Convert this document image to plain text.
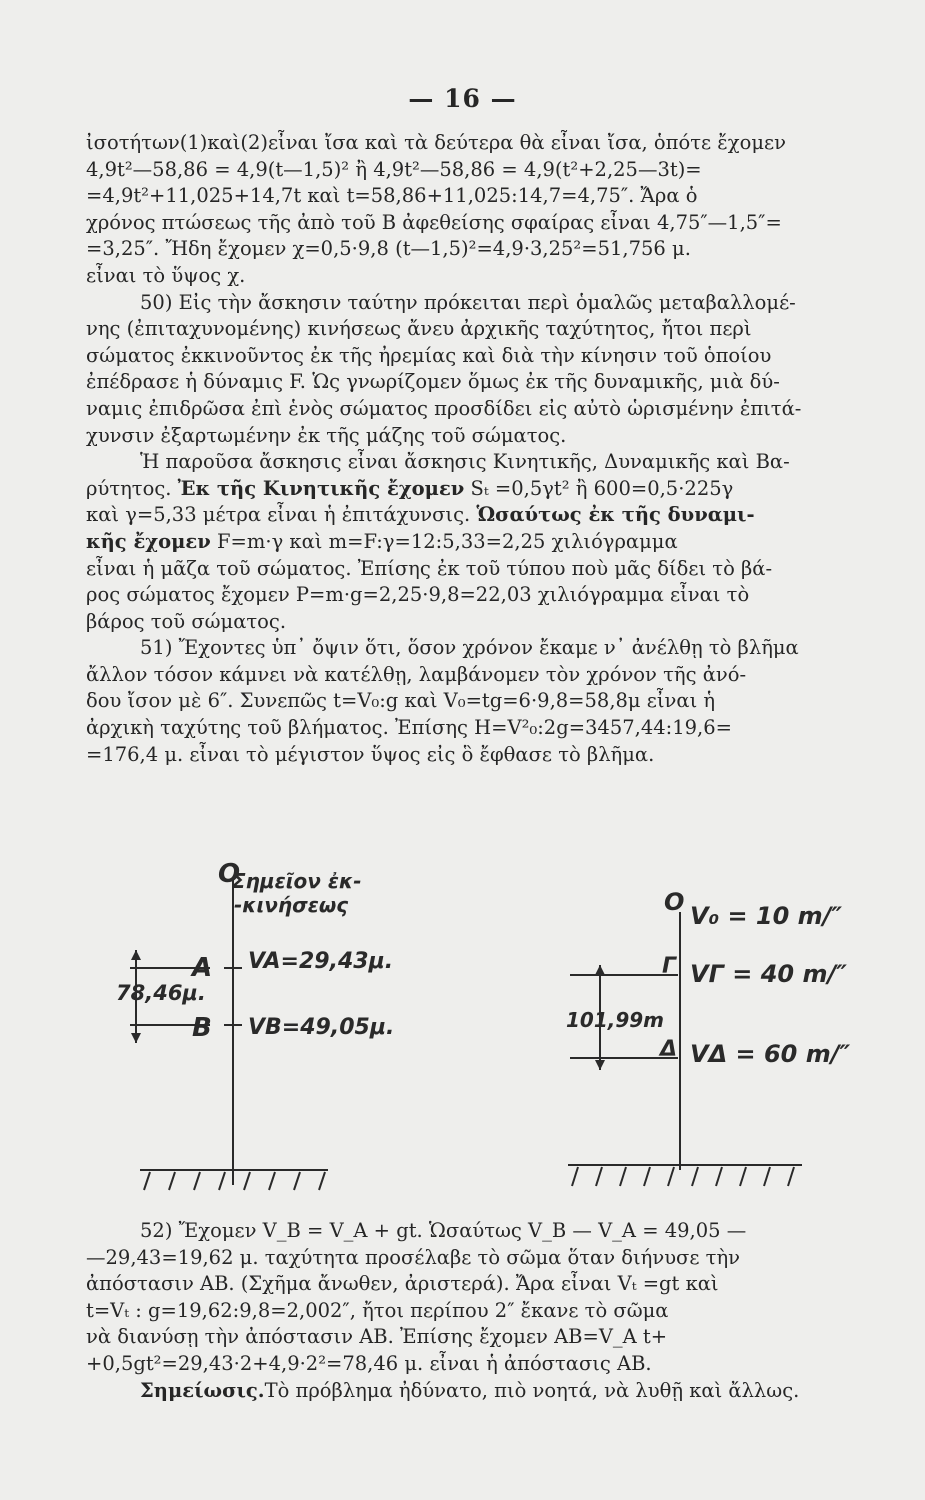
— 16 —
ἰσοτήτων(1)καὶ(2)εἶναι ἴσα καὶ τὰ δεύτερα θὰ εἶναι ἴσα, ὁπότε ἔχομεν
4,9t²—58,86 = 4,9(t—1,5)² ἢ 4,9t²—58,86 = 4,9(t²+2,25—3t)=
=4,9t²+11,025+14,7t καὶ t=58,86+11,025:14,7=4,75″. Ἄρα ὁ
χρόνος πτώσεως τῆς ἀπὸ τοῦ Β ἀφεθείσης σφαίρας εἶναι 4,75″—1,5″=
=3,25″. Ἤδη ἔχομεν χ=0,5·9,8 (t—1,5)²=4,9·3,25²=51,756 μ.
εἶναι τὸ ὕψος χ.
50) Εἰς τὴν ἄσκησιν ταύτην πρόκειται περὶ ὁμαλῶς μεταβαλλομέ-
νης (ἐπιταχυνομένης) κινήσεως ἄνευ ἀρχικῆς ταχύτητος, ἤτοι περὶ
σώματος ἐκκινοῦντος ἐκ τῆς ἠρεμίας καὶ διὰ τὴν κίνησιν τοῦ ὁποίου
ἐπέδρασε ἡ δύναμις F. Ὡς γνωρίζομεν ὅμως ἐκ τῆς δυναμικῆς, μιὰ δύ-
ναμις ἐπιδρῶσα ἐπὶ ἑνὸς σώματος προσδίδει εἰς αὐτὸ ὡρισμένην ἐπιτά-
χυνσιν ἐξαρτωμένην ἐκ τῆς μάζης τοῦ σώματος.
Ἡ παροῦσα ἄσκησις εἶναι ἄσκησις Κινητικῆς, Δυναμικῆς καὶ Βα-
ρύτητος. Ἐκ τῆς Κινητικῆς ἔχομεν Sₜ =0,5γt² ἢ 600=0,5·225γ
καὶ γ=5,33 μέτρα εἶναι ἡ ἐπιτάχυνσις. Ὡσαύτως ἐκ τῆς δυναμι-
κῆς ἔχομεν F=m·γ καὶ m=F:γ=12:5,33=2,25 χιλιόγραμμα
εἶναι ἡ μᾶζα τοῦ σώματος. Ἐπίσης ἐκ τοῦ τύπου ποὺ μᾶς δίδει τὸ βά-
ρος σώματος ἔχομεν P=m·g=2,25·9,8=22,03 χιλιόγραμμα εἶναι τὸ
βάρος τοῦ σώματος.
51) Ἔχοντες ὑπ᾽ ὄψιν ὅτι, ὅσον χρόνον ἔκαμε ν᾽ ἀνέλθῃ τὸ βλῆμα
ἄλλον τόσον κάμνει νὰ κατέλθῃ, λαμβάνομεν τὸν χρόνον τῆς ἀνό-
δου ἴσον μὲ 6″. Συνεπῶς t=V₀:g καὶ V₀=tg=6·9,8=58,8μ εἶναι ἡ
ἀρχικὴ ταχύτης τοῦ βλήματος. Ἐπίσης H=V²₀:2g=3457,44:19,6=
=176,4 μ. εἶναι τὸ μέγιστον ὕψος εἰς ὃ ἔφθασε τὸ βλῆμα.
O
Σημεῖον ἐκ-
-κινήσεως
A
B
78,46μ.
VA=29,43μ.
VB=49,05μ.
O V₀ = 10 m/″
Γ
Δ
VΓ = 40 m/″
VΔ = 60 m/″
101,99m
52) Ἔχομεν V_B = V_A + gt. Ὡσαύτως V_B — V_A = 49,05 —
—29,43=19,62 μ. ταχύτητα προσέλαβε τὸ σῶμα ὅταν διήνυσε τὴν
ἀπόστασιν ΑΒ. (Σχῆμα ἄνωθεν, ἀριστερά). Ἄρα εἶναι Vₜ =gt καὶ
t=Vₜ : g=19,62:9,8=2,002″, ἤτοι περίπου 2″ ἔκανε τὸ σῶμα
νὰ διανύσῃ τὴν ἀπόστασιν ΑΒ. Ἐπίσης ἔχομεν ΑΒ=V_A t+
+0,5gt²=29,43·2+4,9·2²=78,46 μ. εἶναι ἡ ἀπόστασις ΑΒ.
Σημείωσις.Τὸ πρόβλημα ἠδύνατο, πιὸ νοητά, νὰ λυθῇ καὶ ἄλλως.
